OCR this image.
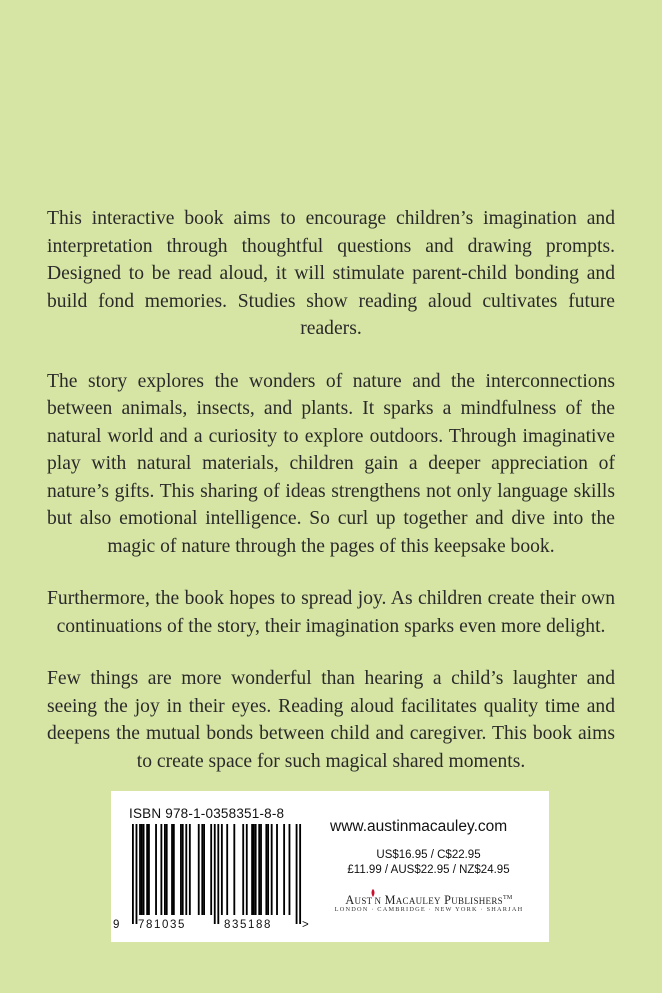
This interactive book aims to encourage children’s imagination and interpretation through thoughtful questions and drawing prompts. Designed to be read aloud, it will stimulate parent-child bonding and build fond memories. Studies show reading aloud cultivates future readers.

The story explores the wonders of nature and the interconnections between animals, insects, and plants. It sparks a mindfulness of the natural world and a curiosity to explore outdoors. Through imaginative play with natural materials, children gain a deeper appreciation of nature’s gifts. This sharing of ideas strengthens not only language skills but also emotional intelligence. So curl up together and dive into the magic of nature through the pages of this keepsake book.

Furthermore, the book hopes to spread joy. As children create their own continuations of the story, their imagination sparks even more delight.

Few things are more wonderful than hearing a child’s laughter and seeing the joy in their eyes. Reading aloud facilitates quality time and deepens the mutual bonds between child and caregiver. This book aims to create space for such magical shared moments.

ISBN 978-1-0358351-8-8
9 781035	835188	>
www.austinmacauley.com
US$16.95 / C$22.95
£11.99 / AUS$22.95 / NZ$24.95
Aust n Macauley Publishers™
LONDON · CAMBRIDGE · NEW YORK · SHARJAH
